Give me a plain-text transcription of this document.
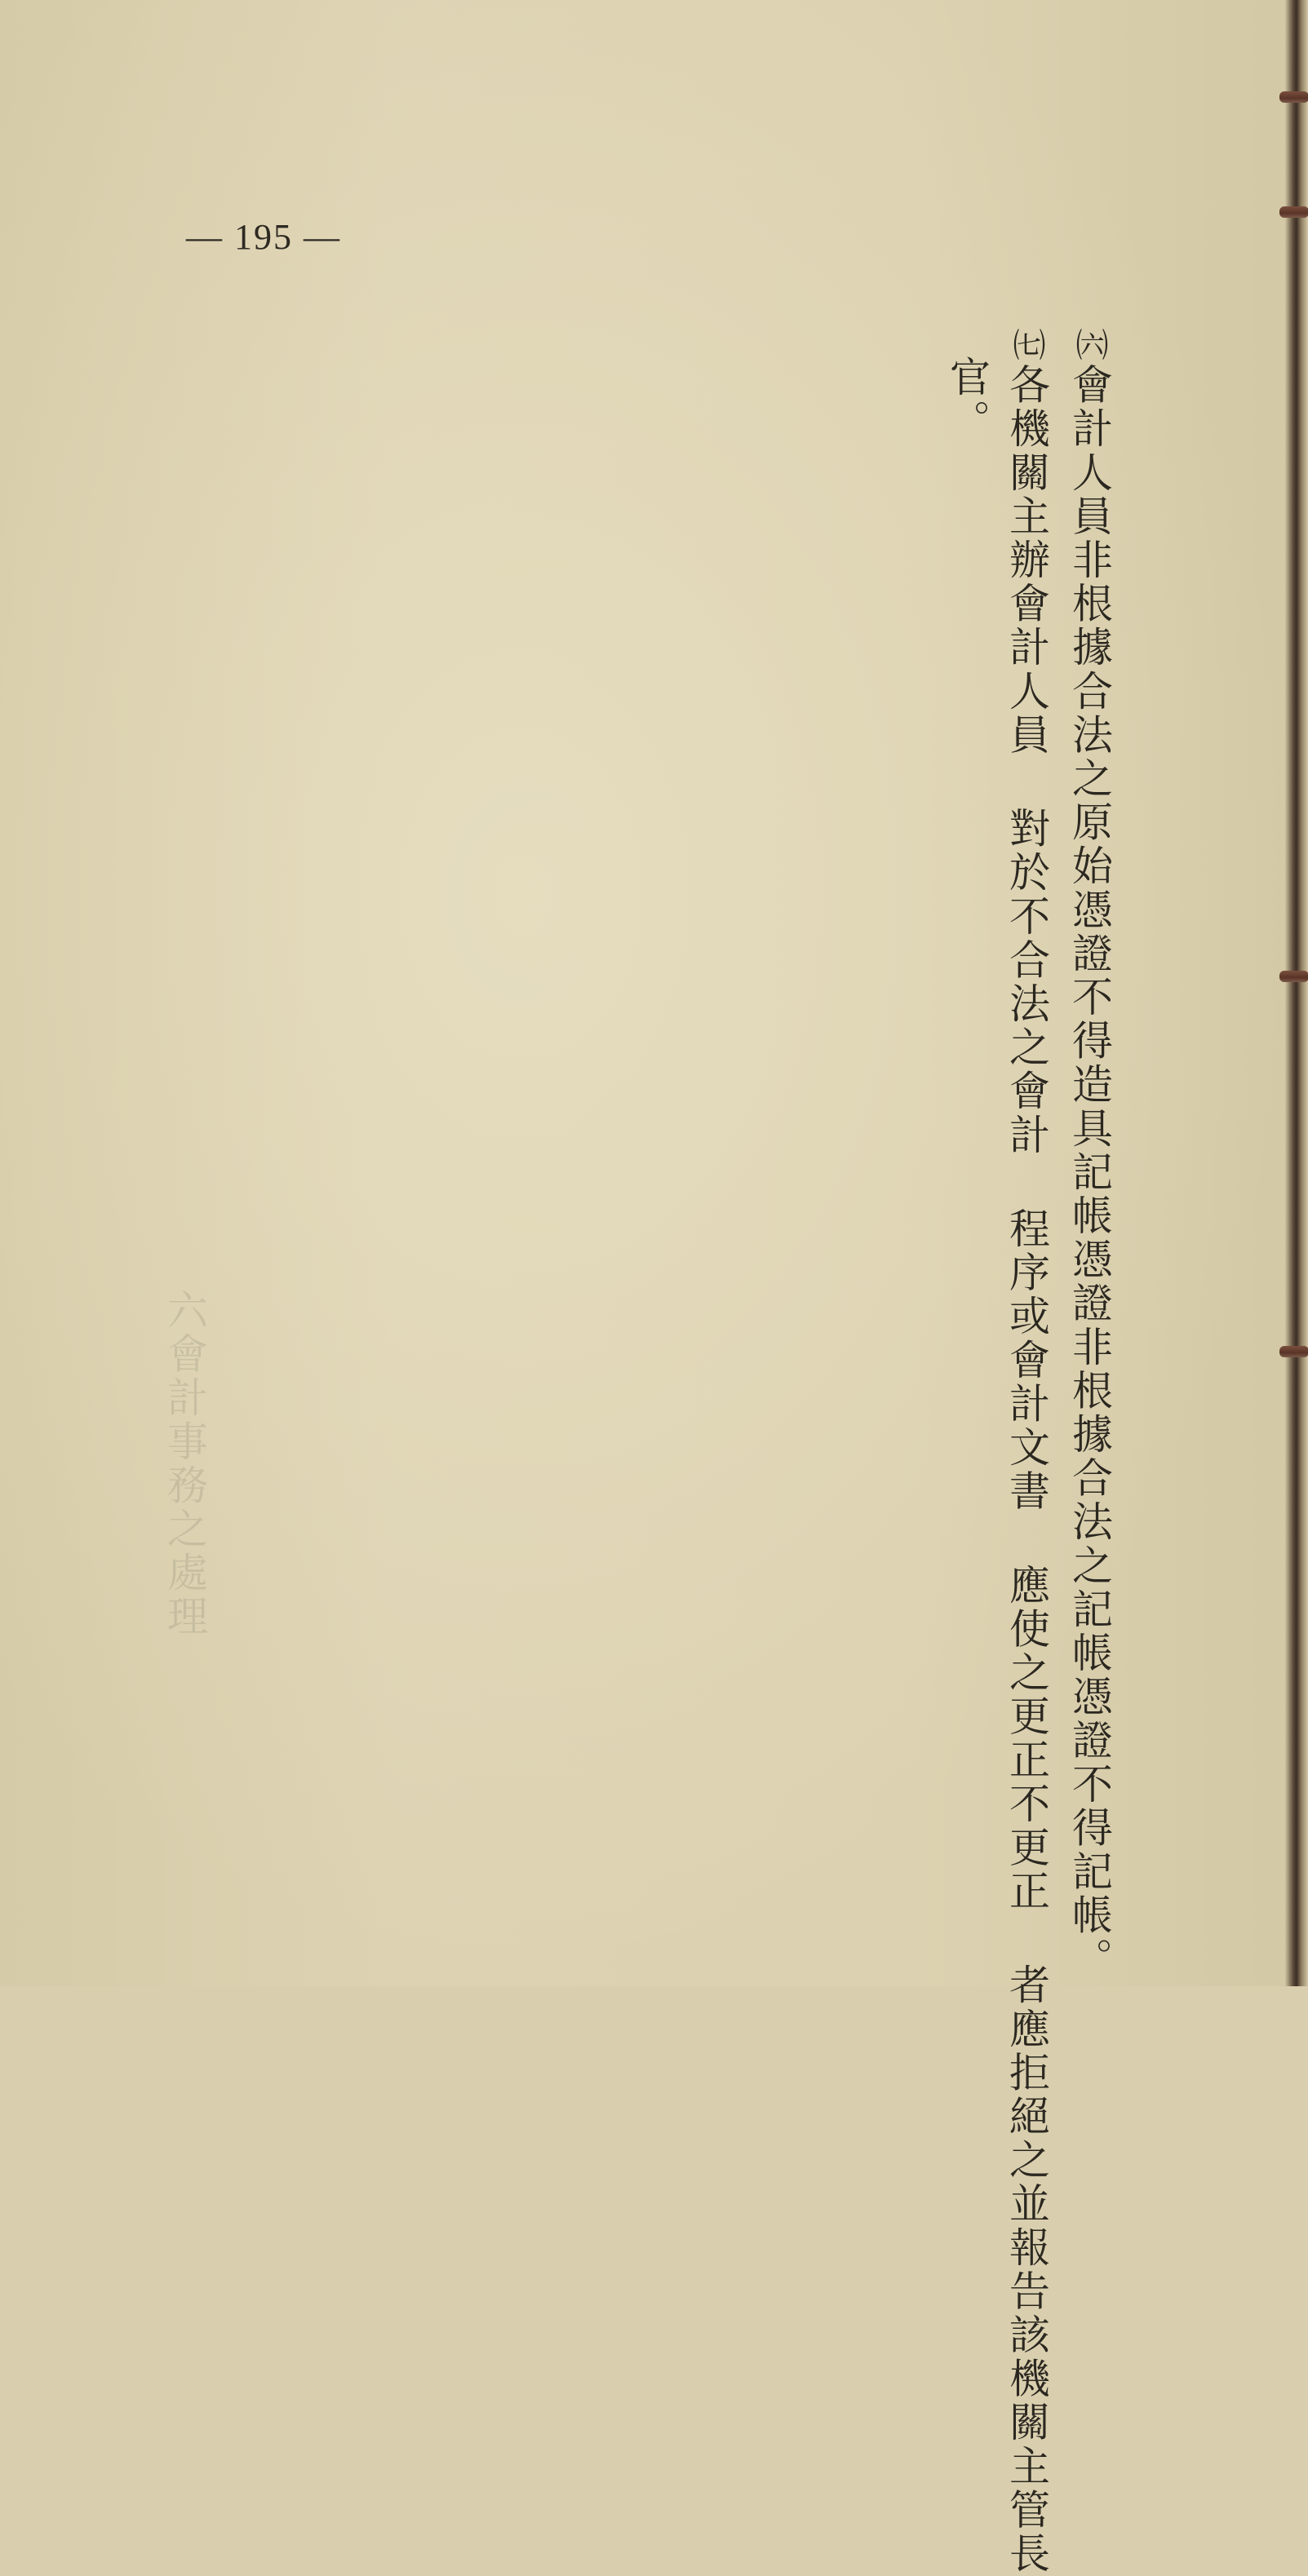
— 195 —
六會計事務之處理
㈥會計人員非根據合法之原始憑證不得造具記帳憑證非根據合法之記帳憑證不得記帳。
㈦各機關主辦會計人員 對於不合法之會計 程序或會計文書 應使之更正不更正 者應拒絕之並報告該機關主管長
官。
